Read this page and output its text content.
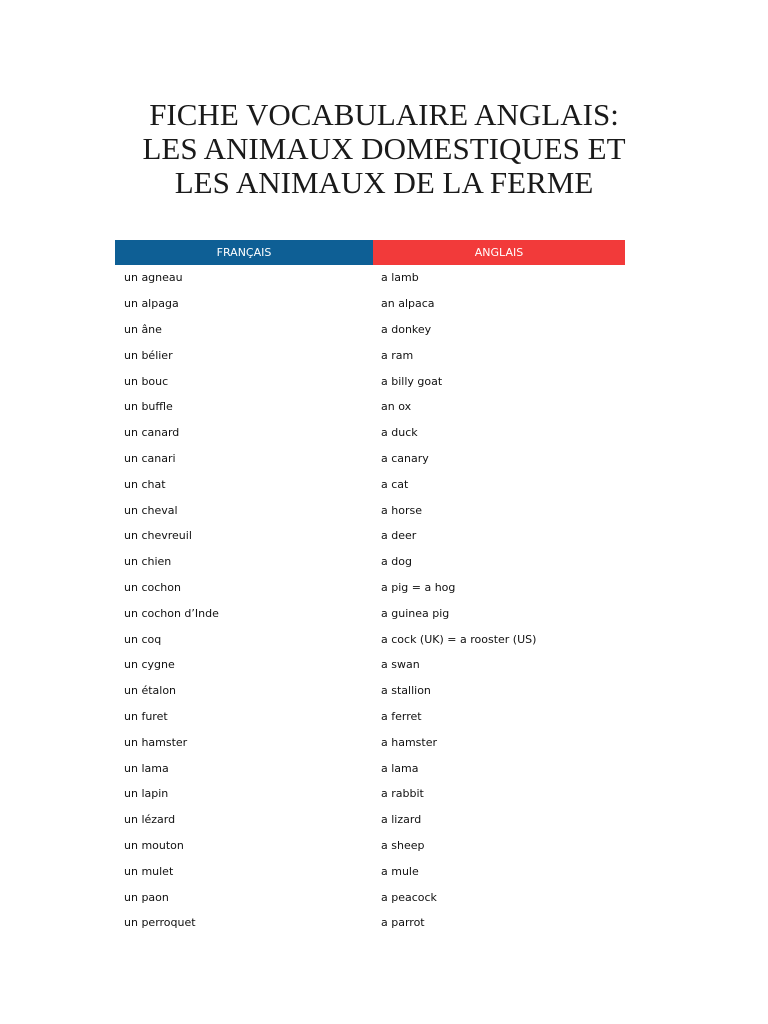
FICHE VOCABULAIRE ANGLAIS:
LES ANIMAUX DOMESTIQUES ET
LES ANIMAUX DE LA FERME
FRANÇAIS	ANGLAIS
un agneau	a lamb
un alpaga	an alpaca
un âne	a donkey
un bélier	a ram
un bouc	a billy goat
un buffle	an ox
un canard	a duck
un canari	a canary
un chat	a cat
un cheval	a horse
un chevreuil	a deer
un chien	a dog
un cochon	a pig = a hog
un cochon d’Inde	a guinea pig
un coq	a cock (UK) = a rooster (US)
un cygne	a swan
un étalon	a stallion
un furet	a ferret
un hamster	a hamster
un lama	a lama
un lapin	a rabbit
un lézard	a lizard
un mouton	a sheep
un mulet	a mule
un paon	a peacock
un perroquet	a parrot
